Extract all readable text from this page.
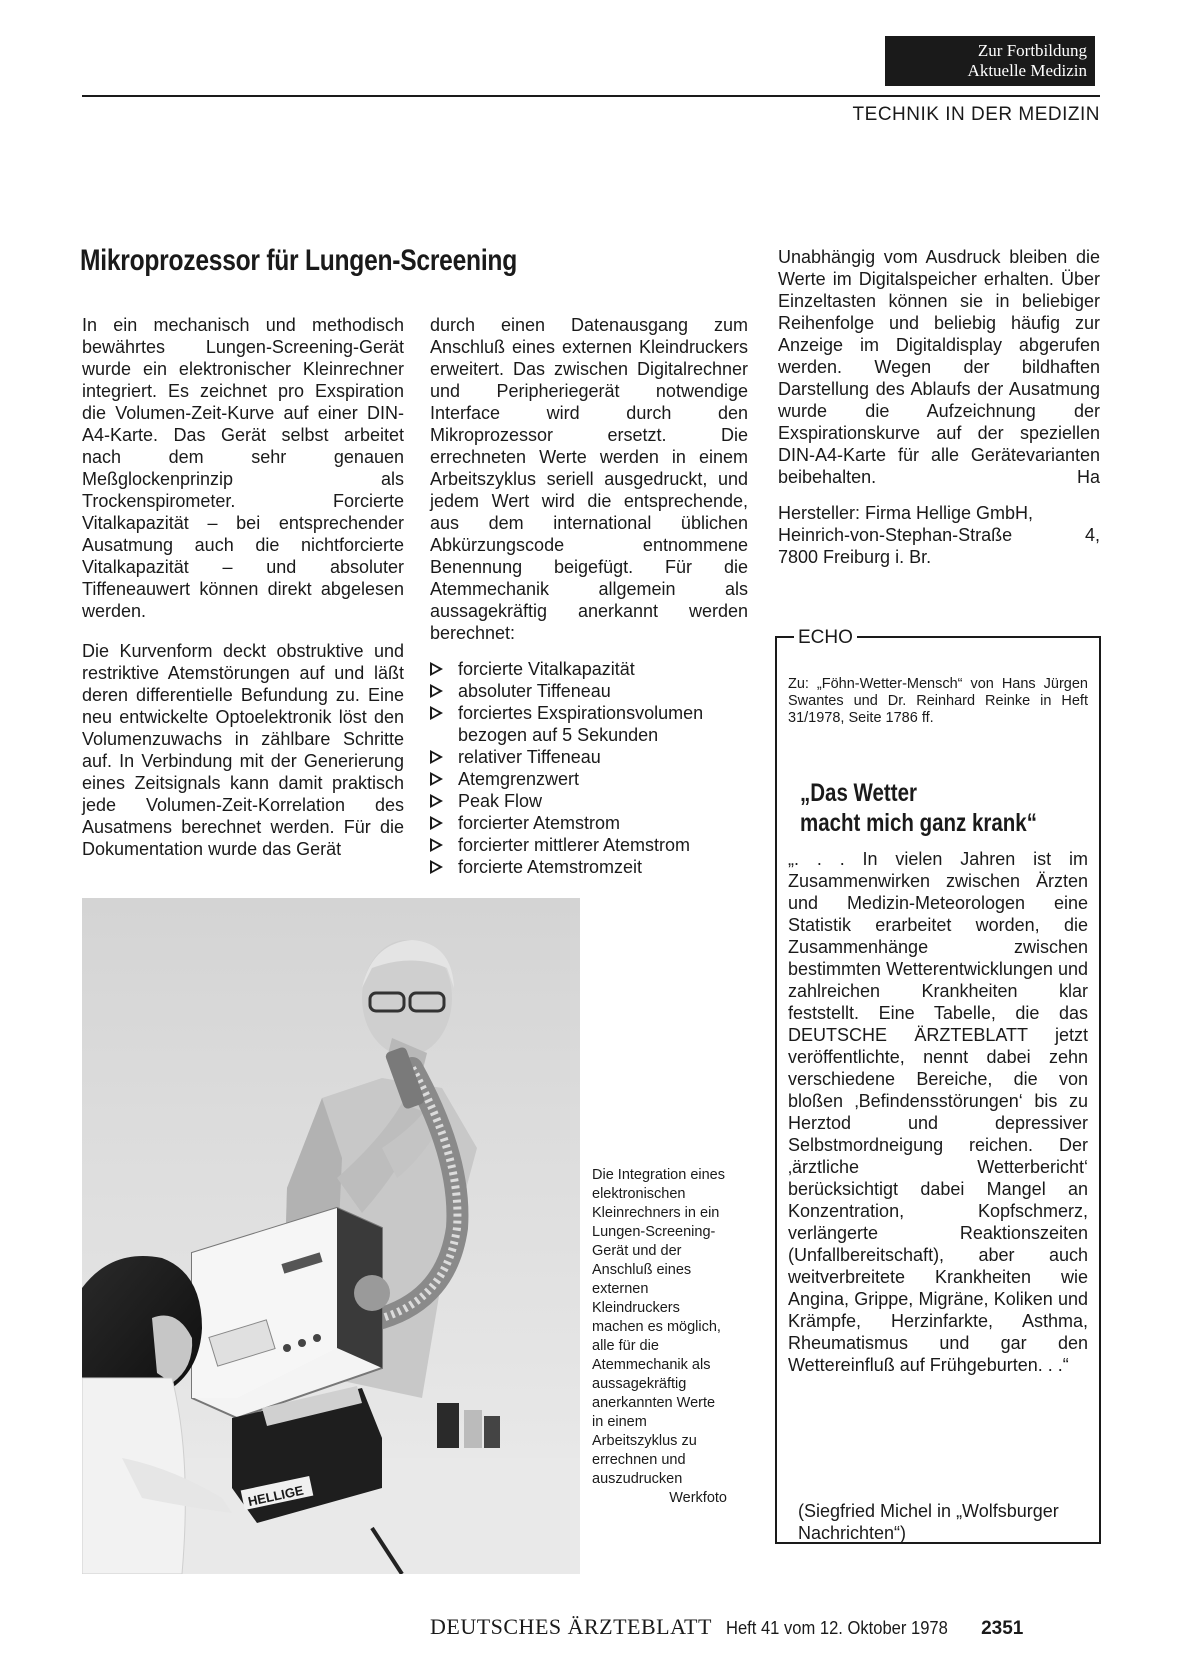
Zur Fortbildung
Aktuelle Medizin
TECHNIK IN DER MEDIZIN
Mikroprozessor für Lungen-Screening

In ein mechanisch und methodisch bewährtes Lungen-Screening-Gerät wurde ein elektronischer Kleinrechner integriert. Es zeichnet pro Exspiration die Volumen-Zeit-Kurve auf einer DIN-A4-Karte. Das Gerät selbst arbeitet nach dem sehr genauen Meßglockenprinzip als Trockenspirometer. Forcierte Vitalkapazität – bei entsprechender Ausatmung auch die nichtforcierte Vitalkapazität – und absoluter Tiffeneauwert können direkt abgelesen werden.

Die Kurvenform deckt obstruktive und restriktive Atemstörungen auf und läßt deren differentielle Befundung zu. Eine neu entwickelte Optoelektronik löst den Volumenzuwachs in zählbare Schritte auf. In Verbindung mit der Generierung eines Zeitsignals kann damit praktisch jede Volumen-Zeit-Korrelation des Ausatmens berechnet werden. Für die Dokumentation wurde das Gerät

durch einen Datenausgang zum Anschluß eines externen Kleindruckers erweitert. Das zwischen Digitalrechner und Peripheriegerät notwendige Interface wird durch den Mikroprozessor ersetzt. Die errechneten Werte werden in einem Arbeitszyklus seriell ausgedruckt, und jedem Wert wird die entsprechende, aus dem international üblichen Abkürzungscode entnommene Benennung beigefügt. Für die Atemmechanik allgemein als aussagekräftig anerkannt werden berechnet:

forcierte Vitalkapazität
absoluter Tiffeneau
forciertes Exspirationsvolumen
bezogen auf 5 Sekunden
relativer Tiffeneau
Atemgrenzwert
Peak Flow
forcierter Atemstrom
forcierter mittlerer Atemstrom
forcierte Atemstromzeit

Unabhängig vom Ausdruck bleiben die Werte im Digitalspeicher erhalten. Über Einzeltasten können sie in beliebiger Reihenfolge und beliebig häufig zur Anzeige im Digitaldisplay abgerufen werden. Wegen der bildhaften Darstellung des Ablaufs der Ausatmung wurde die Aufzeichnung der Exspirationskurve auf der speziellen DIN-A4-Karte für alle Gerätevarianten beibehalten.	Ha

Hersteller: Firma Hellige GmbH,
Heinrich-von-Stephan-Straße	4,
7800 Freiburg i. Br.
HELLIGE
Die Integration eines elektronischen Kleinrechners in ein Lungen-Screening-Gerät und der Anschluß eines externen Kleindruckers machen es möglich, alle für die Atemmechanik als aussagekräftig anerkannten Werte in einem Arbeitszyklus zu errechnen und auszudrucken
Werkfoto
ECHO
Zu: „Föhn-Wetter-Mensch“ von Hans Jürgen Swantes und Dr. Reinhard Reinke in Heft 31/1978, Seite 1786 ff.
„Das Wetter
macht mich ganz krank“
„. . . In vielen Jahren ist im Zusammenwirken zwischen Ärzten und Medizin-Meteorologen eine Statistik erarbeitet worden, die Zusammenhänge zwischen bestimmten Wetterentwicklungen und zahlreichen Krankheiten klar feststellt. Eine Tabelle, die das DEUTSCHE ÄRZTEBLATT jetzt veröffentlichte, nennt dabei zehn verschiedene Bereiche, die von bloßen ‚Befindensstörungen‘ bis zu Herztod und depressiver Selbstmordneigung reichen. Der ‚ärztliche Wetterbericht‘ berücksichtigt dabei Mangel an Konzentration, Kopfschmerz, verlängerte Reaktionszeiten (Unfallbereitschaft), aber auch weitverbreitete Krankheiten wie Angina, Grippe, Migräne, Koliken und Krämpfe, Herzinfarkte, Asthma, Rheumatismus und gar den Wettereinfluß auf Frühgeburten. . .“
(Siegfried Michel in „Wolfsburger Nachrichten“)
DEUTSCHES ÄRZTEBLATT Heft 41 vom 12. Oktober 1978 2351
